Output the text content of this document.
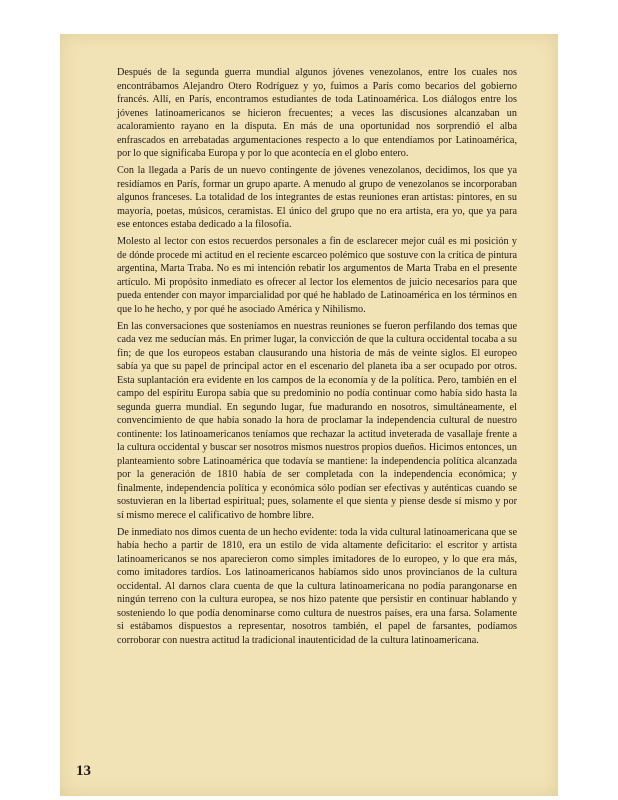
Después de la segunda guerra mundial algunos jóvenes venezolanos, entre los cuales nos encontrábamos Alejandro Otero Rodríguez y yo, fuimos a París como becarios del gobierno francés. Allí, en París, encontramos estudiantes de toda Latinoamérica. Los diálogos entre los jóvenes latinoamericanos se hicieron frecuentes; a veces las discusiones alcanzaban un acaloramiento rayano en la disputa. En más de una oportunidad nos sorprendió el alba enfrascados en arrebatadas argumentaciones respecto a lo que entendíamos por Latinoamérica, por lo que significaba Europa y por lo que acontecía en el globo entero.

Con la llegada a París de un nuevo contingente de jóvenes venezolanos, decidimos, los que ya residíamos en París, formar un grupo aparte. A menudo al grupo de venezolanos se incorporaban algunos franceses. La totalidad de los integrantes de estas reuniones eran artistas: pintores, en su mayoría, poetas, músicos, ceramistas. El único del grupo que no era artista, era yo, que ya para ese entonces estaba dedicado a la filosofía.

Molesto al lector con estos recuerdos personales a fin de esclarecer mejor cuál es mi posición y de dónde procede mi actitud en el reciente escarceo polémico que sostuve con la crítica de pintura argentina, Marta Traba. No es mi intención rebatir los argumentos de Marta Traba en el presente artículo. Mi propósito inmediato es ofrecer al lector los elementos de juicio necesarios para que pueda entender con mayor imparcialidad por qué he hablado de Latinoamérica en los términos en que lo he hecho, y por qué he asociado América y Nihilismo.

En las conversaciones que sosteníamos en nuestras reuniones se fueron perfilando dos temas que cada vez me seducían más. En primer lugar, la convicción de que la cultura occidental tocaba a su fin; de que los europeos estaban clausurando una historia de más de veinte siglos. El europeo sabía ya que su papel de principal actor en el escenario del planeta iba a ser ocupado por otros. Esta suplantación era evidente en los campos de la economía y de la política. Pero, también en el campo del espíritu Europa sabía que su predominio no podía continuar como había sido hasta la segunda guerra mundial. En segundo lugar, fue madurando en nosotros, simultáneamente, el convencimiento de que había sonado la hora de proclamar la independencia cultural de nuestro continente: los latinoamericanos teníamos que rechazar la actitud inveterada de vasallaje frente a la cultura occidental y buscar ser nosotros mismos nuestros propios dueños. Hicimos entonces, un planteamiento sobre Latinoamérica que todavía se mantiene: la independencia política alcanzada por la generación de 1810 había de ser completada con la independencia económica; y finalmente, independencia política y económica sólo podían ser efectivas y auténticas cuando se sostuvieran en la libertad espiritual; pues, solamente el que sienta y piense desde sí mismo y por sí mismo merece el calificativo de hombre libre.

De inmediato nos dimos cuenta de un hecho evidente: toda la vida cultural latinoamericana que se había hecho a partir de 1810, era un estilo de vida altamente deficitario: el escritor y artista latinoamericanos se nos aparecieron como simples imitadores de lo europeo, y lo que era más, como imitadores tardíos. Los latinoamericanos habíamos sido unos provincianos de la cultura occidental. Al darnos clara cuenta de que la cultura latinoamericana no podía parangonarse en ningún terreno con la cultura europea, se nos hizo patente que persistir en continuar hablando y sosteniendo lo que podía denominarse como cultura de nuestros países, era una farsa. Solamente si estábamos dispuestos a representar, nosotros también, el papel de farsantes, podíamos corroborar con nuestra actitud la tradicional inautenticidad de la cultura latinoamericana.

13
